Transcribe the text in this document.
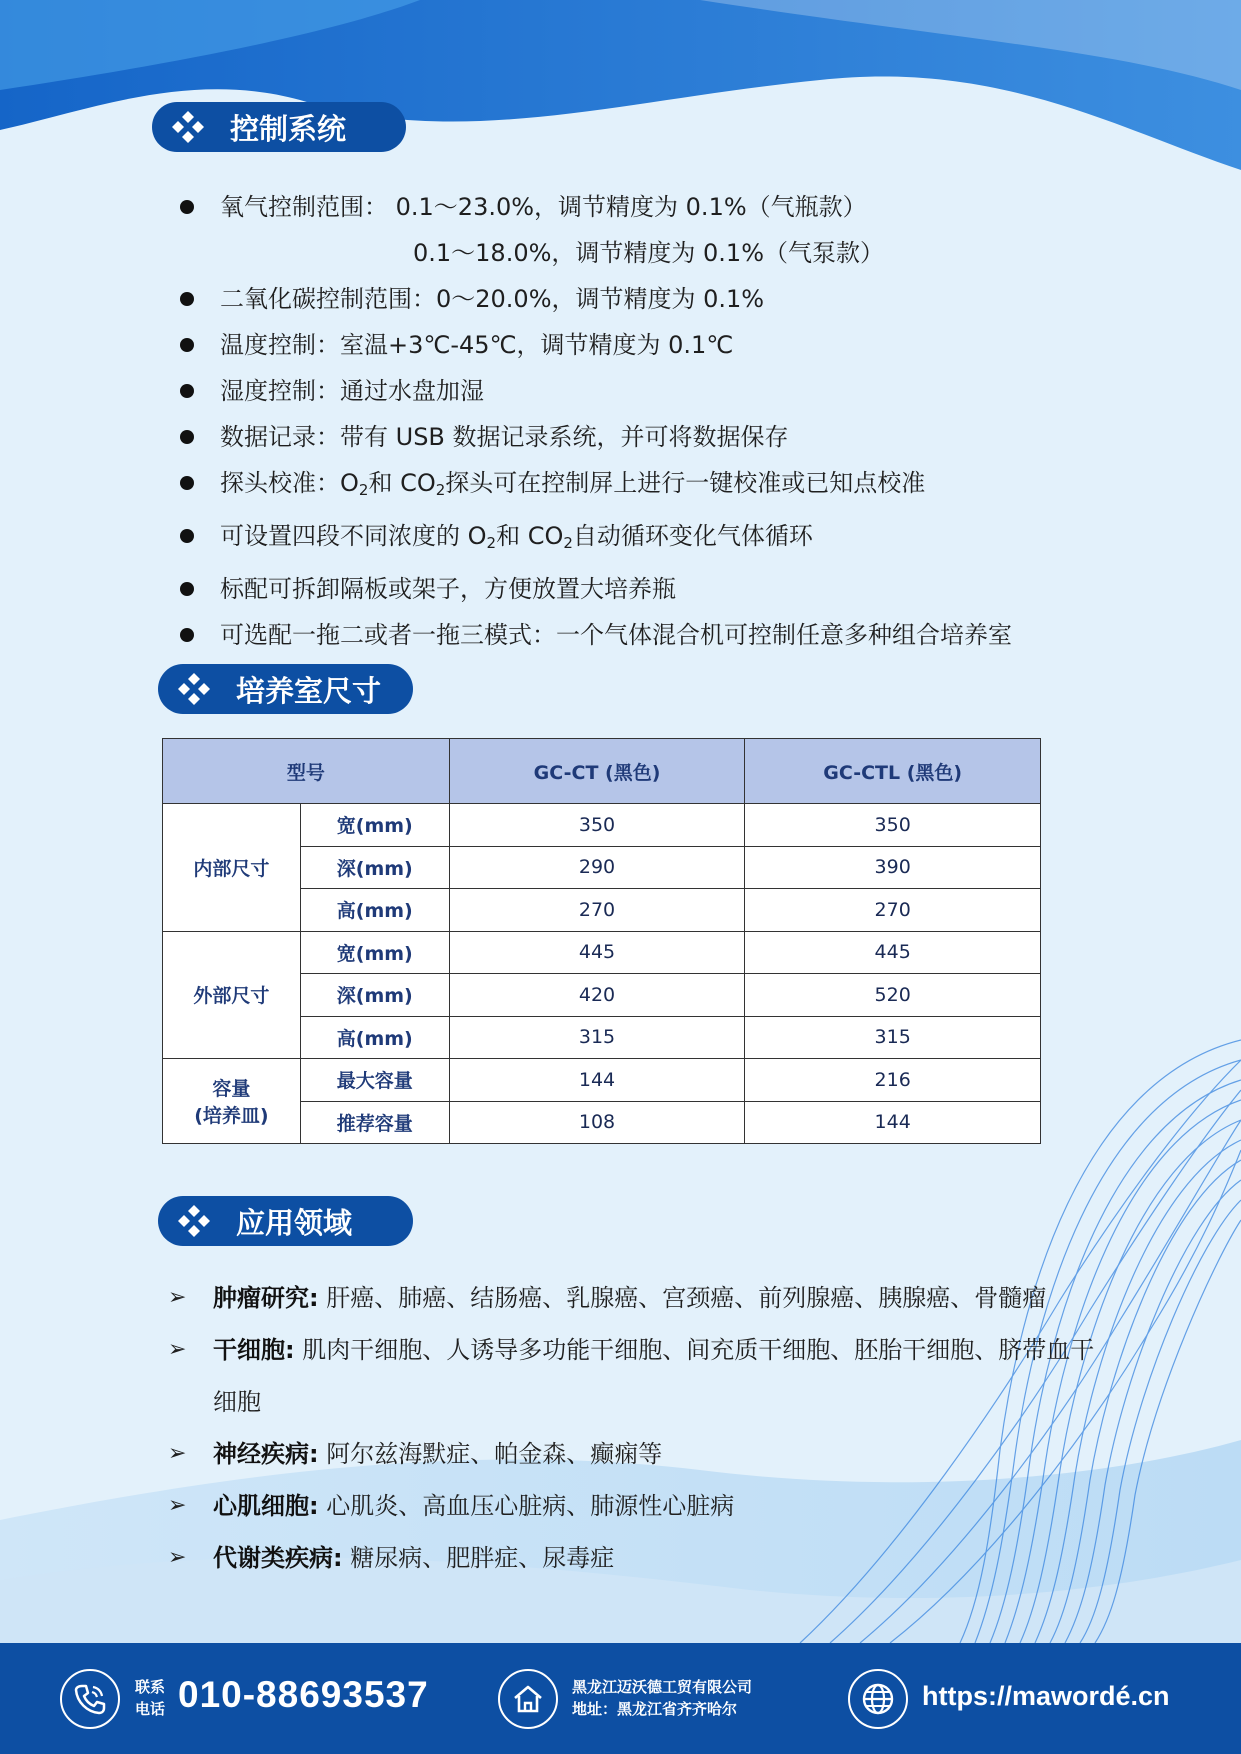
控制系统
氧气控制范围： 0.1～23.0%，调节精度为 0.1%（气瓶款）
0.1～18.0%，调节精度为 0.1%（气泵款）
二氧化碳控制范围：0～20.0%，调节精度为 0.1%
温度控制：室温+3℃-45℃，调节精度为 0.1℃
湿度控制：通过水盘加湿
数据记录：带有 USB 数据记录系统，并可将数据保存
探头校准：$O_2$和 $CO_2$探头可在控制屏上进行一键校准或已知点校准
可设置四段不同浓度的 $O_2$和 $CO_2$自动循环变化气体循环
标配可拆卸隔板或架子，方便放置大培养瓶
可选配一拖二或者一拖三模式：一个气体混合机可控制任意多种组合培养室
培养室尺寸
型号		GC-CT (黑色)	GC-CTL (黑色)
内部尺寸	宽(mm)	350	350
	深(mm)	290	390
	高(mm)	270	270
外部尺寸	宽(mm)	445	445
	深(mm)	420	520
	高(mm)	315	315

容量
(培养皿)	最大容量	144	216
	推荐容量	108	144
应用领域
➢ 肿瘤研究: 肝癌、肺癌、结肠癌、乳腺癌、宫颈癌、前列腺癌、胰腺癌、骨髓瘤
➢ 干细胞: 肌肉干细胞、人诱导多功能干细胞、间充质干细胞、胚胎干细胞、脐带血干细胞
➢ 神经疾病: 阿尔兹海默症、帕金森、癫痫等
➢ 心肌细胞: 心肌炎、高血压心脏病、肺源性心脏病
➢ 代谢类疾病: 糖尿病、肥胖症、尿毒症
联系
电话 010-88693537	黑龙江迈沃德工贸有限公司
地址：黑龙江省齐齐哈尔	https://mawordé.cn
